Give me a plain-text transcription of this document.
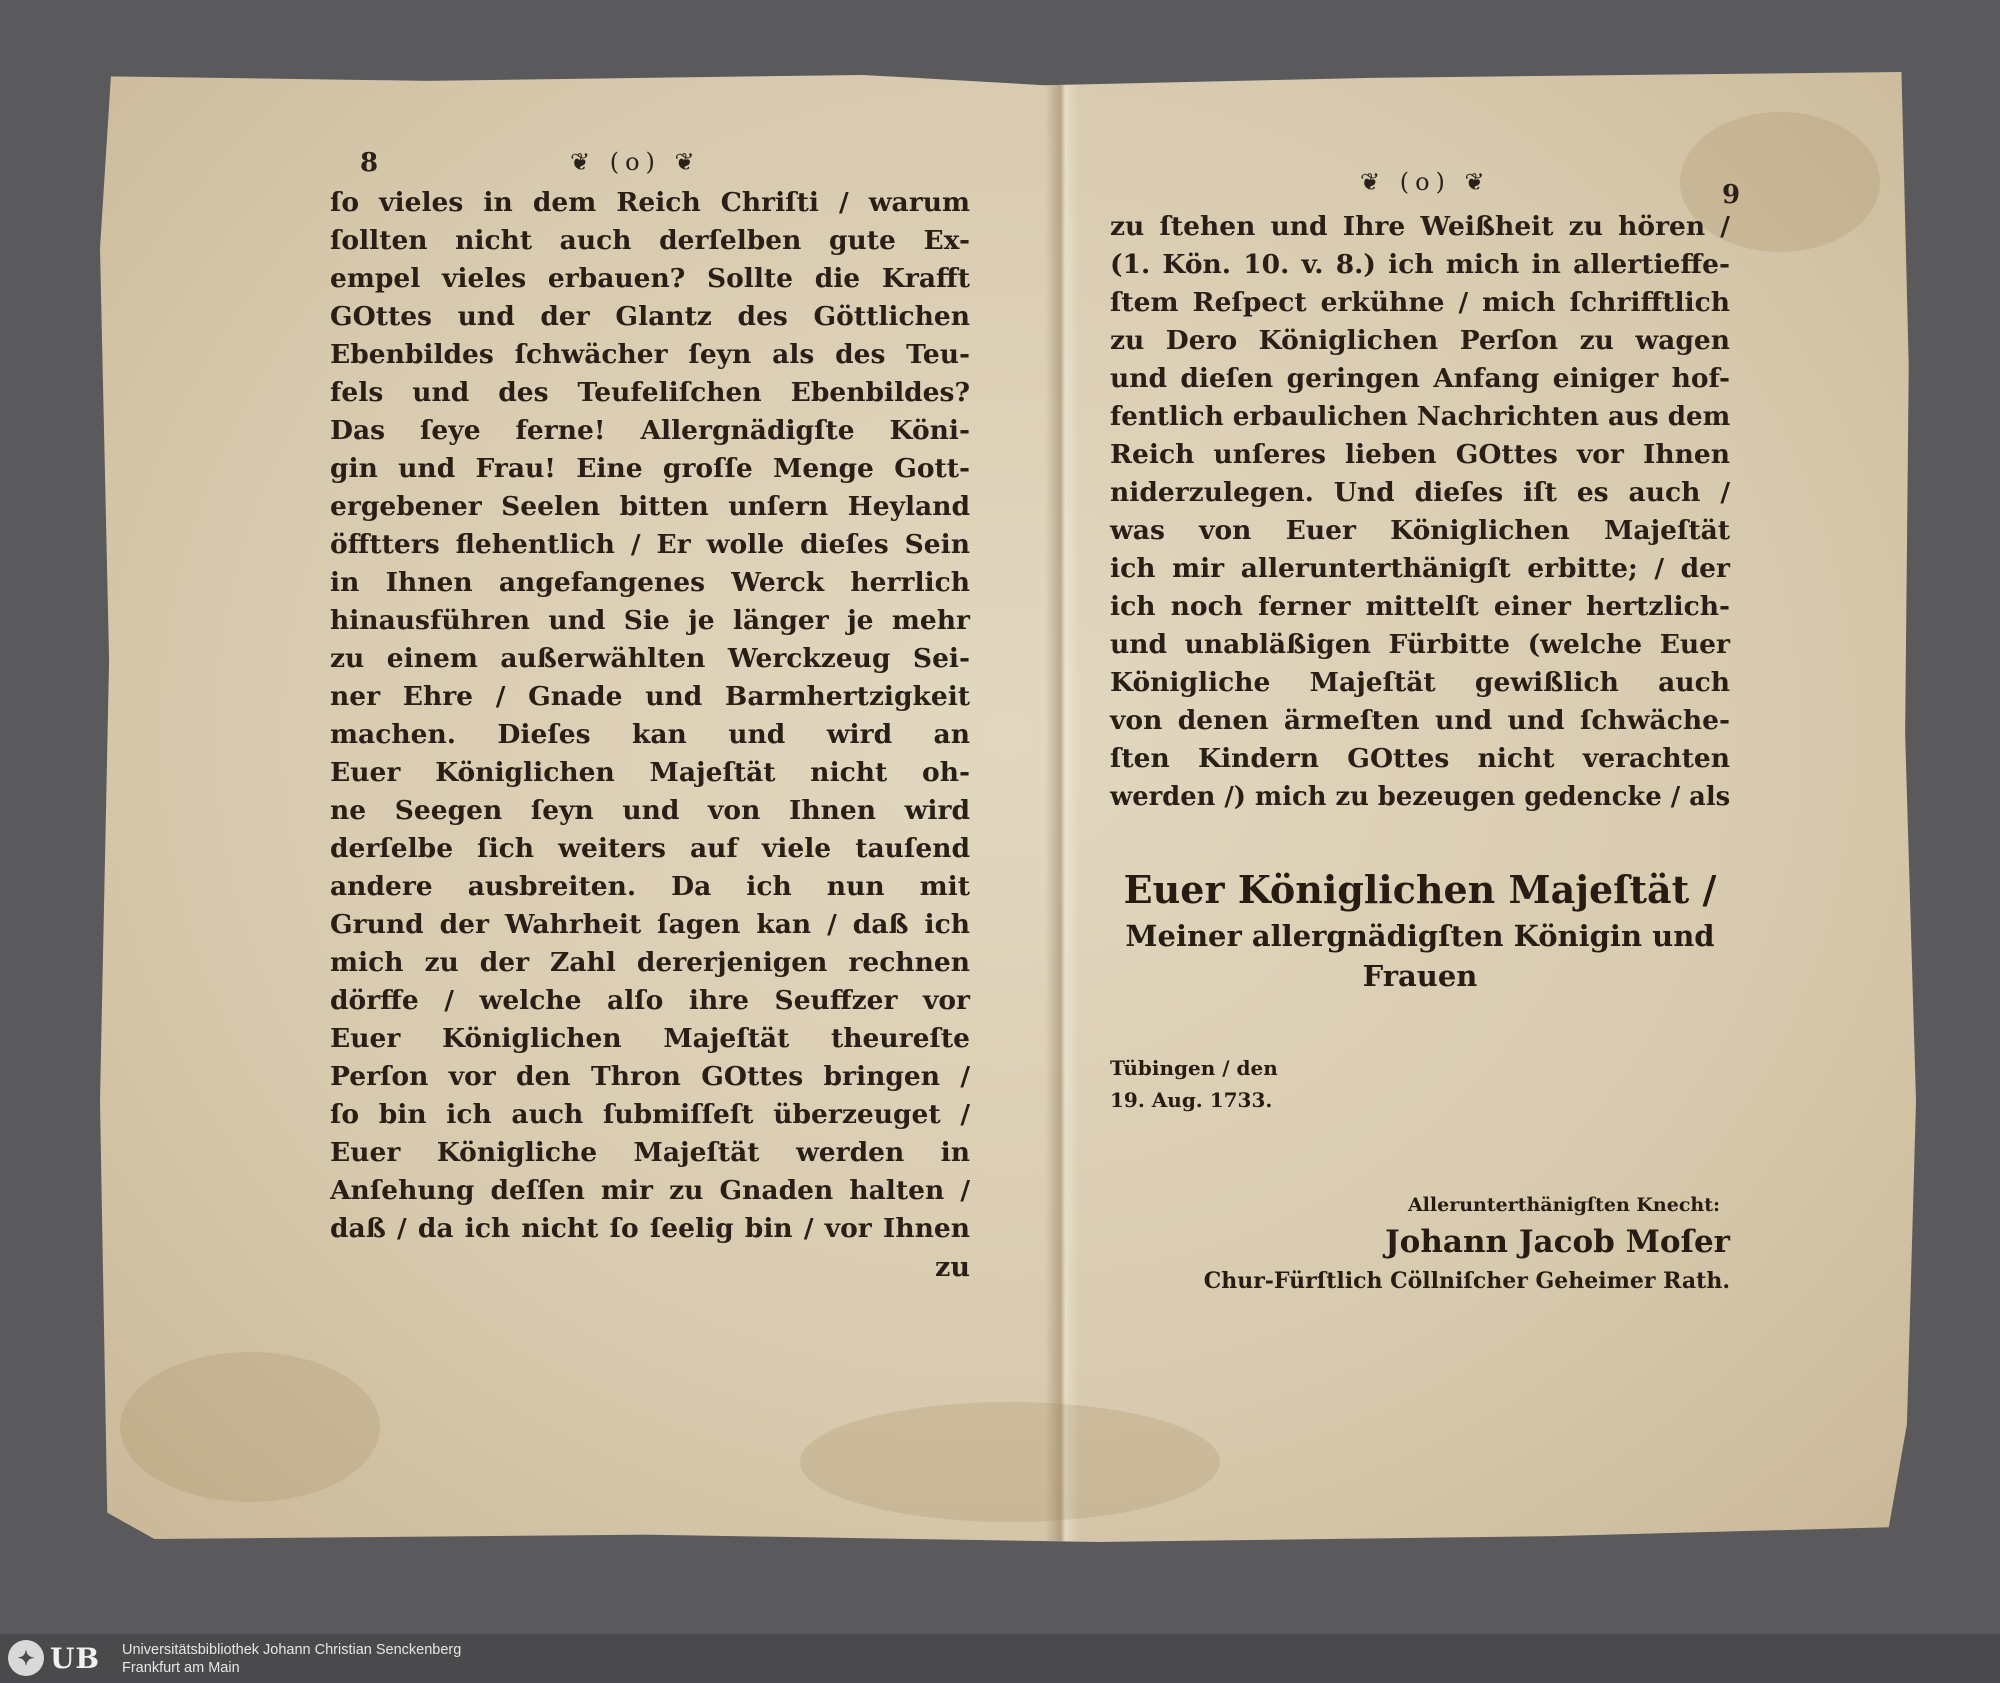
8	❦ (o) ❦
ſo vieles in dem Reich Chriſti / warum
ſollten nicht auch derſelben gute Ex-
empel vieles erbauen? Sollte die Krafft
GOttes und der Glantz des Göttlichen
Ebenbildes ſchwächer ſeyn als des Teu-
fels und des Teufeliſchen Ebenbildes?
Das ſeye ferne! Allergnädigſte Köni-
gin und Frau! Eine groſſe Menge Gott-
ergebener Seelen bitten unſern Heyland
öfftters flehentlich / Er wolle dieſes Sein
in Ihnen angefangenes Werck herrlich
hinausführen und Sie je länger je mehr
zu einem außerwählten Werckzeug Sei-
ner Ehre / Gnade und Barmhertzigkeit
machen. Dieſes kan und wird an
Euer Königlichen Majeſtät nicht oh-
ne Seegen ſeyn und von Ihnen wird
derſelbe ſich weiters auf viele tauſend
andere ausbreiten. Da ich nun mit
Grund der Wahrheit ſagen kan / daß ich
mich zu der Zahl dererjenigen rechnen
dörffe / welche alſo ihre Seuffzer vor
Euer Königlichen Majeſtät theureſte
Perſon vor den Thron GOttes bringen /
ſo bin ich auch ſubmiſſeſt überzeuget /
Euer Königliche Majeſtät werden in
Anſehung deſſen mir zu Gnaden halten /
daß / da ich nicht ſo ſeelig bin / vor Ihnen
zu
❦ (o) ❦	9
zu ſtehen und Ihre Weißheit zu hören /
(1. Kön. 10. v. 8.) ich mich in allertieffe-
ſtem Reſpect erkühne / mich ſchrifftlich
zu Dero Königlichen Perſon zu wagen
und dieſen geringen Anfang einiger hof-
fentlich erbaulichen Nachrichten aus dem
Reich unſeres lieben GOttes vor Ihnen
niderzulegen. Und dieſes iſt es auch /
was von Euer Königlichen Majeſtät
ich mir allerunterthänigſt erbitte; / der
ich noch ferner mittelſt einer hertzlich-
und unabläßigen Fürbitte (welche Euer
Königliche Majeſtät gewißlich auch
von denen ärmeſten und und ſchwäche-
ſten Kindern GOttes nicht verachten
werden /) mich zu bezeugen gedencke / als
Euer Königlichen Majeſtät /
Meiner allergnädigſten Königin und
Frauen
Tübingen / den
19. Aug. 1733.
Allerunterthänigſten Knecht:
Johann Jacob Moſer
Chur-Fürſtlich Cöllniſcher Geheimer Rath.
✦ UB Universitätsbibliothek Johann Christian Senckenberg
Frankfurt am Main
